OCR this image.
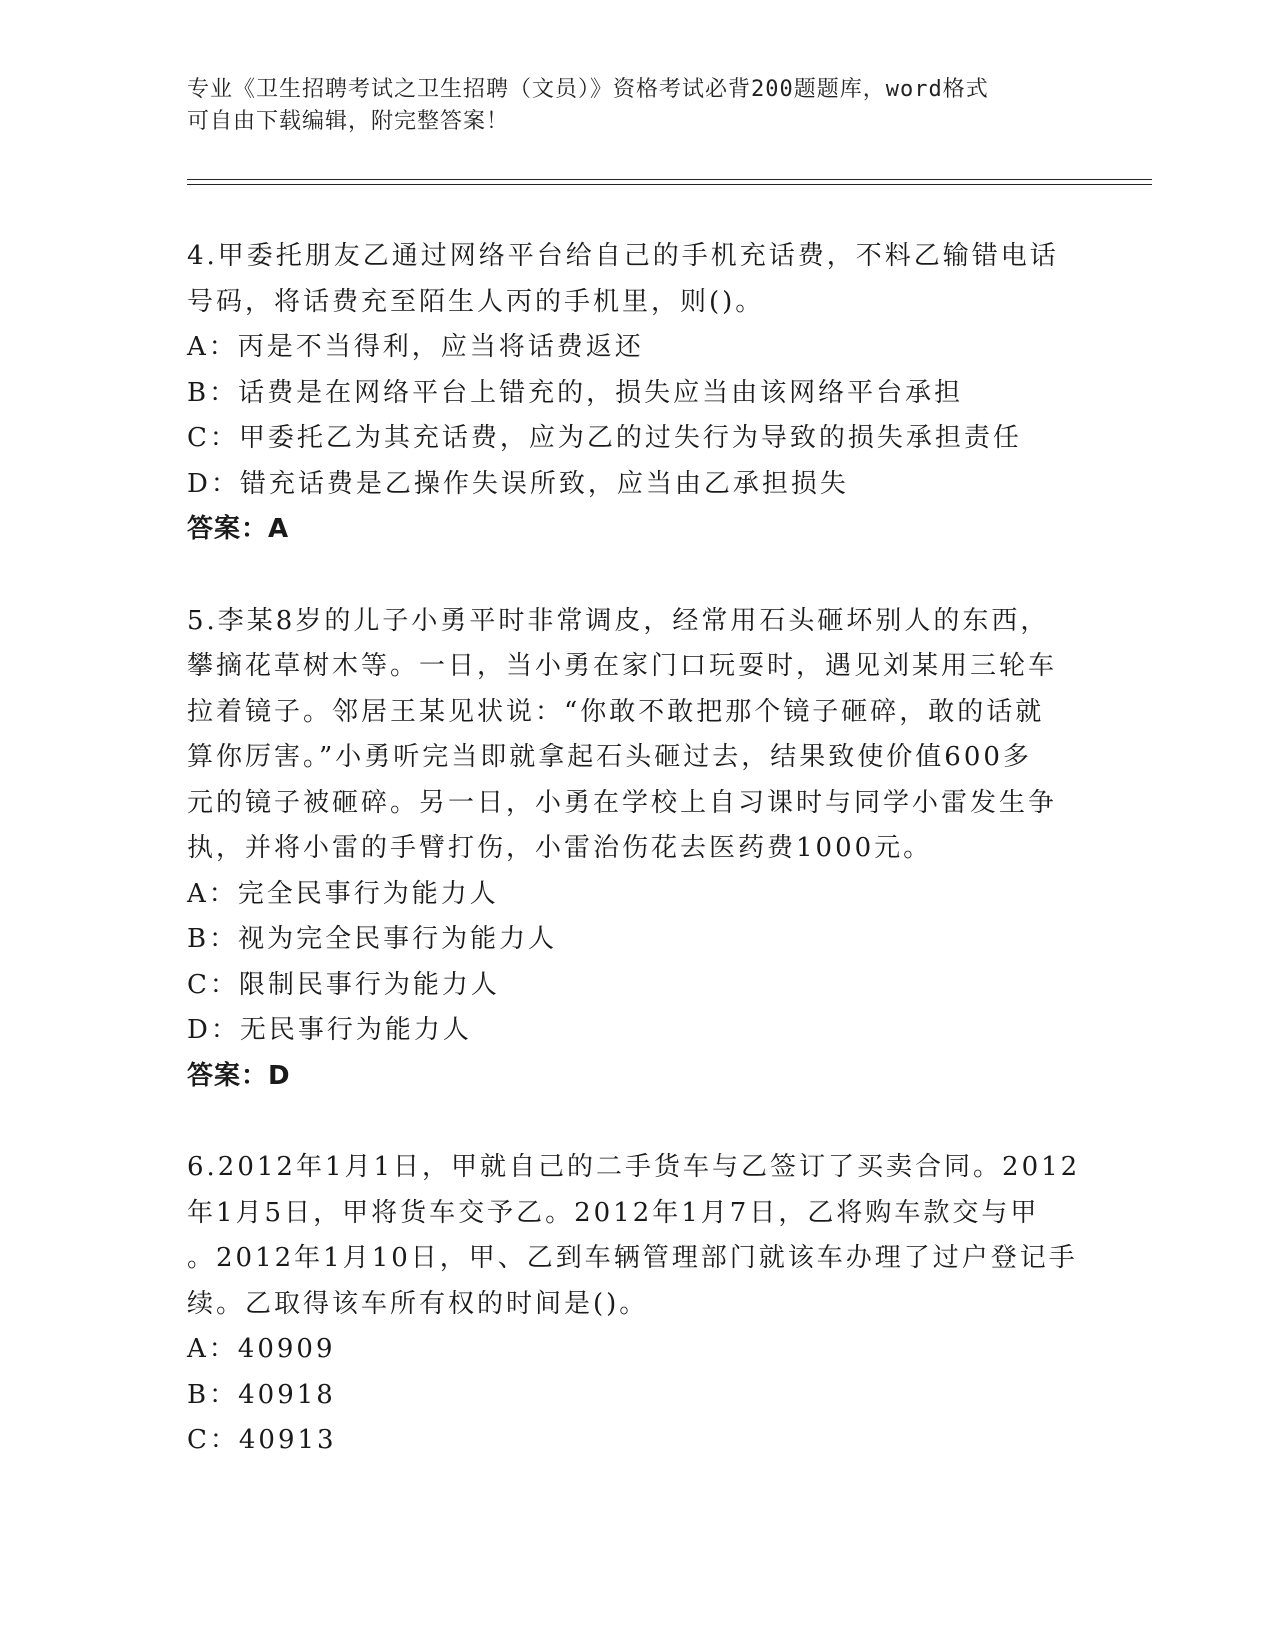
专业《卫生招聘考试之卫生招聘（文员）》资格考试必背200题题库，word格式
可自由下载编辑，附完整答案！

4.甲委托朋友乙通过网络平台给自己的手机充话费，不料乙输错电话

号码，将话费充至陌生人丙的手机里，则()。

A：丙是不当得利，应当将话费返还

B：话费是在网络平台上错充的，损失应当由该网络平台承担

C：甲委托乙为其充话费，应为乙的过失行为导致的损失承担责任

D：错充话费是乙操作失误所致，应当由乙承担损失

答案：A

5.李某8岁的儿子小勇平时非常调皮，经常用石头砸坏别人的东西，

攀摘花草树木等。一日，当小勇在家门口玩耍时，遇见刘某用三轮车

拉着镜子。邻居王某见状说：“你敢不敢把那个镜子砸碎，敢的话就

算你厉害。”小勇听完当即就拿起石头砸过去，结果致使价值600多

元的镜子被砸碎。另一日，小勇在学校上自习课时与同学小雷发生争

执，并将小雷的手臂打伤，小雷治伤花去医药费1000元。

A：完全民事行为能力人

B：视为完全民事行为能力人

C：限制民事行为能力人

D：无民事行为能力人

答案：D

6.2012年1月1日，甲就自己的二手货车与乙签订了买卖合同。2012

年1月5日，甲将货车交予乙。2012年1月7日，乙将购车款交与甲

。2012年1月10日，甲、乙到车辆管理部门就该车办理了过户登记手

续。乙取得该车所有权的时间是()。

A：40909

B：40918

C：40913
